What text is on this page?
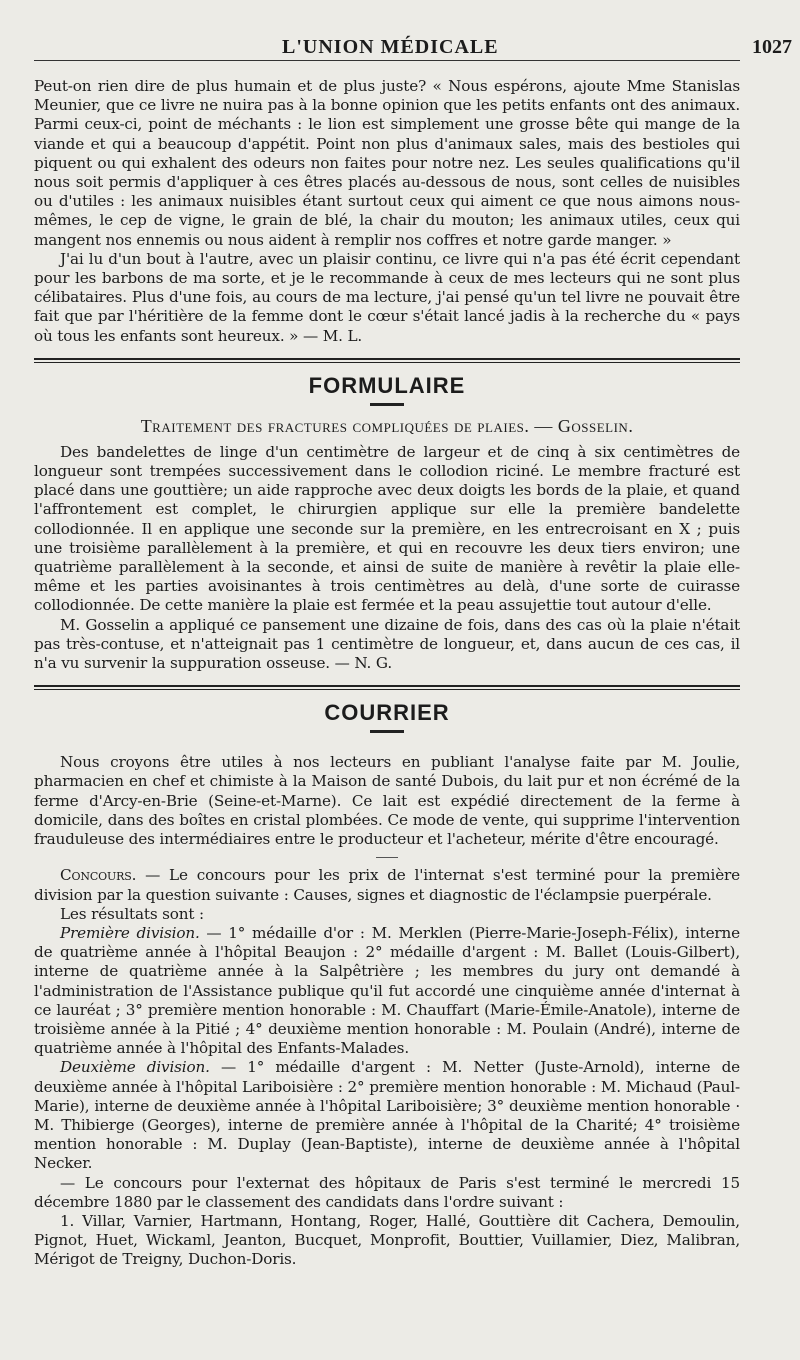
L'UNION MÉDICALE	1027

Peut-on rien dire de plus humain et de plus juste? « Nous espérons, ajoute Mme Stanislas Meunier, que ce livre ne nuira pas à la bonne opinion que les petits enfants ont des animaux. Parmi ceux-ci, point de méchants : le lion est simplement une grosse bête qui mange de la viande et qui a beaucoup d'appétit. Point non plus d'animaux sales, mais des bestioles qui piquent ou qui exhalent des odeurs non faites pour notre nez. Les seules qualifications qu'il nous soit permis d'appliquer à ces êtres placés au-dessous de nous, sont celles de nuisibles ou d'utiles : les animaux nuisibles étant surtout ceux qui aiment ce que nous aimons nous-mêmes, le cep de vigne, le grain de blé, la chair du mouton; les animaux utiles, ceux qui mangent nos ennemis ou nous aident à remplir nos coffres et notre garde manger. »

J'ai lu d'un bout à l'autre, avec un plaisir continu, ce livre qui n'a pas été écrit cependant pour les barbons de ma sorte, et je le recommande à ceux de mes lecteurs qui ne sont plus célibataires. Plus d'une fois, au cours de ma lecture, j'ai pensé qu'un tel livre ne pouvait être fait que par l'héritière de la femme dont le cœur s'était lancé jadis à la recherche du « pays où tous les enfants sont heureux. » — M. L.

FORMULAIRE
Traitement des fractures compliquées de plaies. — Gosselin.

Des bandelettes de linge d'un centimètre de largeur et de cinq à six centimètres de longueur sont trempées successivement dans le collodion riciné. Le membre fracturé est placé dans une gouttière; un aide rapproche avec deux doigts les bords de la plaie, et quand l'affrontement est complet, le chirurgien applique sur elle la première bandelette collodionnée. Il en applique une seconde sur la première, en les entrecroisant en X ; puis une troisième parallèlement à la première, et qui en recouvre les deux tiers environ; une quatrième parallèlement à la seconde, et ainsi de suite de manière à revêtir la plaie elle-même et les parties avoisinantes à trois centimètres au delà, d'une sorte de cuirasse collodionnée. De cette manière la plaie est fermée et la peau assujettie tout autour d'elle.

M. Gosselin a appliqué ce pansement une dizaine de fois, dans des cas où la plaie n'était pas très-contuse, et n'atteignait pas 1 centimètre de longueur, et, dans aucun de ces cas, il n'a vu survenir la suppuration osseuse. — N. G.

COURRIER

Nous croyons être utiles à nos lecteurs en publiant l'analyse faite par M. Joulie, pharmacien en chef et chimiste à la Maison de santé Dubois, du lait pur et non écrémé de la ferme d'Arcy-en-Brie (Seine-et-Marne). Ce lait est expédié directement de la ferme à domicile, dans des boîtes en cristal plombées. Ce mode de vente, qui supprime l'intervention frauduleuse des intermédiaires entre le producteur et l'acheteur, mérite d'être encouragé.

Concours. — Le concours pour les prix de l'internat s'est terminé pour la première division par la question suivante : Causes, signes et diagnostic de l'éclampsie puerpérale.

Les résultats sont :

Première division. — 1° médaille d'or : M. Merklen (Pierre-Marie-Joseph-Félix), interne de quatrième année à l'hôpital Beaujon : 2° médaille d'argent : M. Ballet (Louis-Gilbert), interne de quatrième année à la Salpêtrière ; les membres du jury ont demandé à l'administration de l'Assistance publique qu'il fut accordé une cinquième année d'internat à ce lauréat ; 3° première mention honorable : M. Chauffart (Marie-Émile-Anatole), interne de troisième année à la Pitié ; 4° deuxième mention honorable : M. Poulain (André), interne de quatrième année à l'hôpital des Enfants-Malades.

Deuxième division. — 1° médaille d'argent : M. Netter (Juste-Arnold), interne de deuxième année à l'hôpital Lariboisière : 2° première mention honorable : M. Michaud (Paul-Marie), interne de deuxième année à l'hôpital Lariboisière; 3° deuxième mention honorable · M. Thibierge (Georges), interne de première année à l'hôpital de la Charité; 4° troisième mention honorable : M. Duplay (Jean-Baptiste), interne de deuxième année à l'hôpital Necker.

— Le concours pour l'externat des hôpitaux de Paris s'est terminé le mercredi 15 décembre 1880 par le classement des candidats dans l'ordre suivant :

1. Villar, Varnier, Hartmann, Hontang, Roger, Hallé, Gouttière dit Cachera, Demoulin, Pignot, Huet, Wickaml, Jeanton, Bucquet, Monprofit, Bouttier, Vuillamier, Diez, Malibran, Mérigot de Treigny, Duchon-Doris.
